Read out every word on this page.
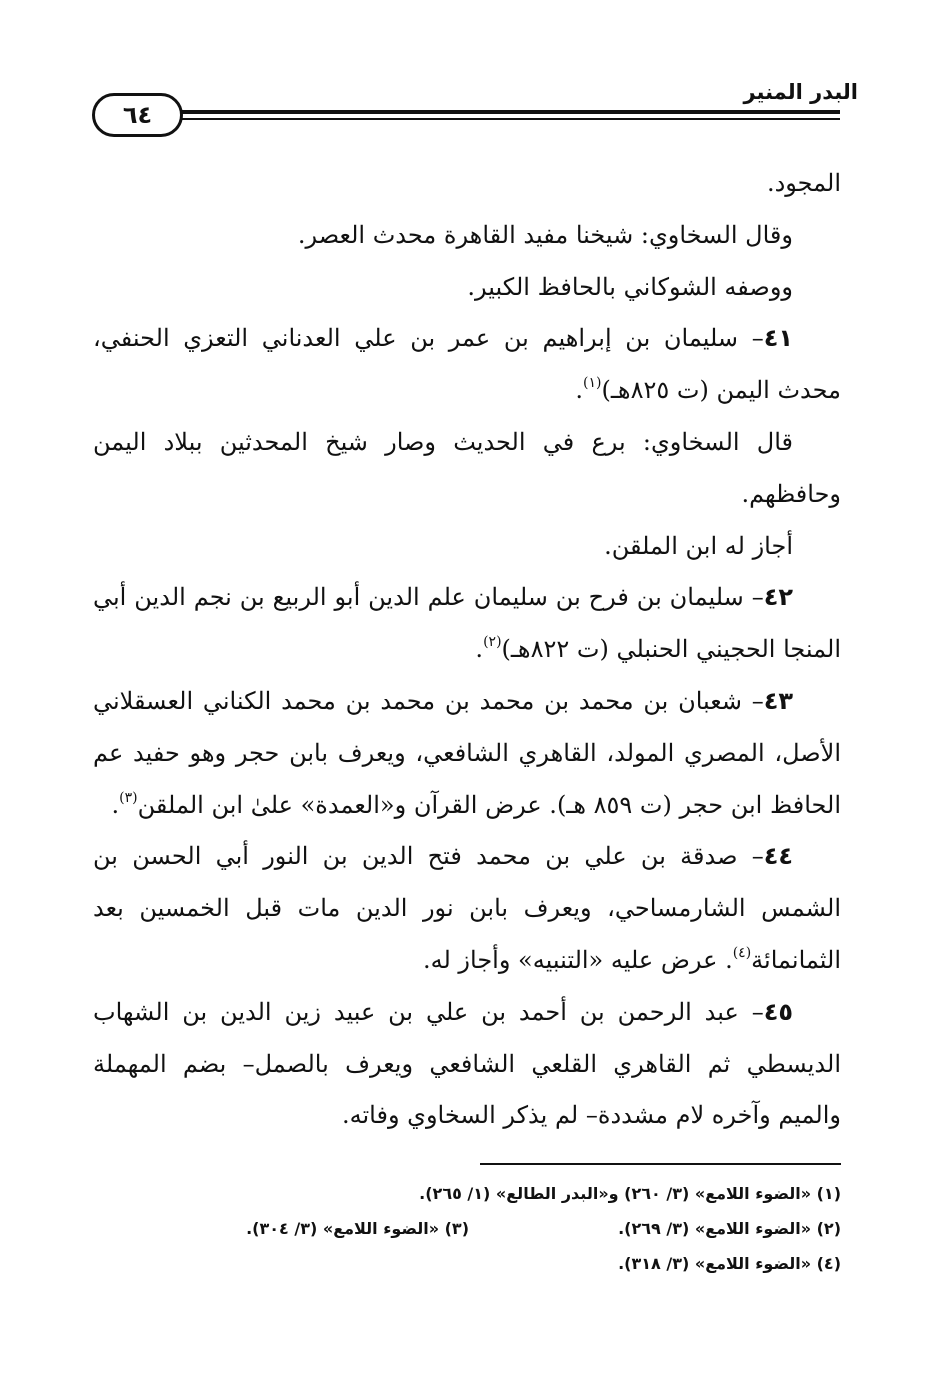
البدر المنير
٦٤

المجود.

وقال السخاوي: شيخنا مفيد القاهرة محدث العصر.

ووصفه الشوكاني بالحافظ الكبير.

٤١– سليمان بن إبراهيم بن عمر بن علي العدناني التعزي الحنفي، محدث اليمن (ت ٨٢٥هـ)$^{(١)}$.

قال السخاوي: برع في الحديث وصار شيخ المحدثين ببلاد اليمن وحافظهم.

أجاز له ابن الملقن.

٤٢– سليمان بن فرح بن سليمان علم الدين أبو الربيع بن نجم الدين أبي المنجا الحجيني الحنبلي (ت ٨٢٢هـ)$^{(٢)}$.

٤٣– شعبان بن محمد بن محمد بن محمد بن محمد الكناني العسقلاني الأصل، المصري المولد، القاهري الشافعي، ويعرف بابن حجر وهو حفيد عم الحافظ ابن حجر (ت ٨٥٩ هـ). عرض القرآن و«العمدة» علىٰ ابن الملقن$^{(٣)}$.

٤٤– صدقة بن علي بن محمد فتح الدين بن النور أبي الحسن بن الشمس الشارمساحي، ويعرف بابن نور الدين مات قبل الخمسين بعد الثمانمائة$^{(٤)}$. عرض عليه «التنبيه» وأجاز له.

٤٥– عبد الرحمن بن أحمد بن علي بن عبيد زين الدين بن الشهاب الديسطي ثم القاهري القلعي الشافعي ويعرف بالصمل– بضم المهملة والميم وآخره لام مشددة– لم يذكر السخاوي وفاته.

(١) «الضوء اللامع» (٣/ ٢٦٠) و«البدر الطالع» (١/ ٢٦٥).
(٢) «الضوء اللامع» (٣/ ٢٦٩).
(٣) «الضوء اللامع» (٣/ ٣٠٤).
(٤) «الضوء اللامع» (٣/ ٣١٨).
